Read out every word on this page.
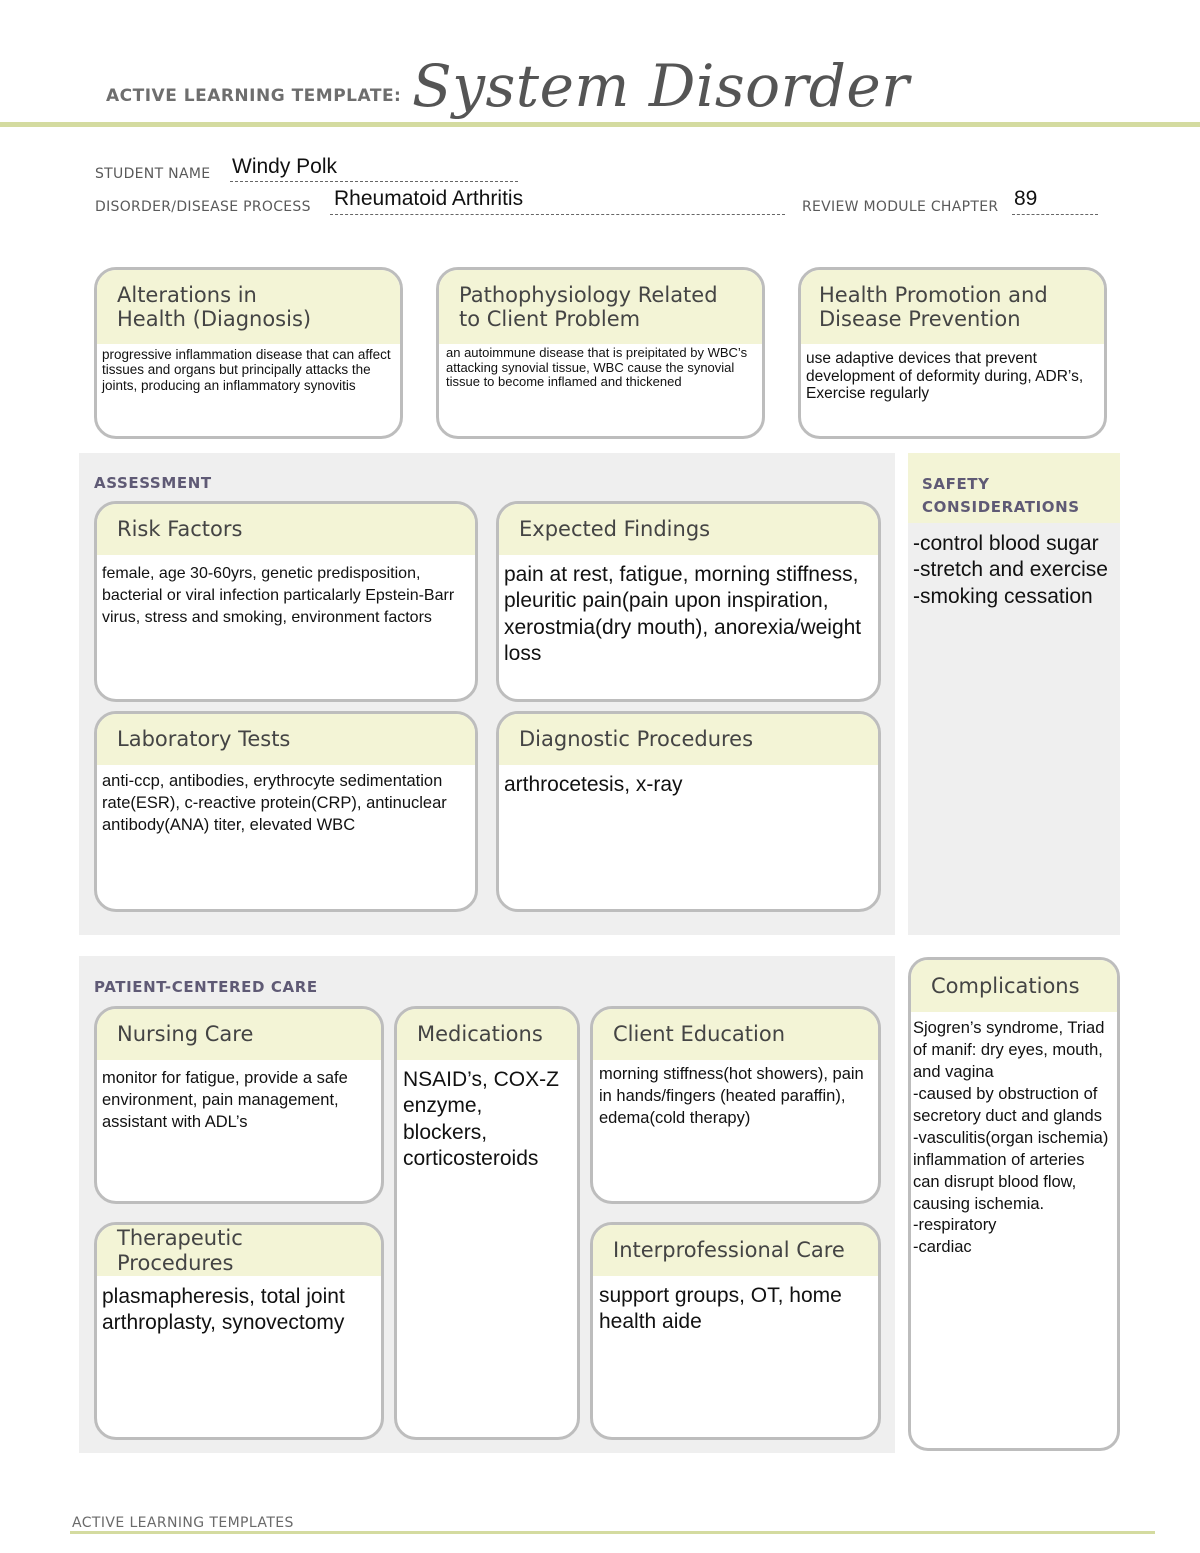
ACTIVE LEARNING TEMPLATE: System Disorder
STUDENT NAME Windy Polk
DISORDER/DISEASE PROCESS Rheumatoid Arthritis	REVIEW MODULE CHAPTER 89
Alterations in
Health (Diagnosis)
progressive inflammation disease that can affect tissues and organs but principally attacks the joints, producing an inflammatory synovitis
Pathophysiology Related
to Client Problem
an autoimmune disease that is preipitated by WBC’s attacking synovial tissue, WBC cause the synovial tissue to become inflamed and thickened
Health Promotion and
Disease Prevention
use adaptive devices that prevent development of deformity during, ADR’s, Exercise regularly
ASSESSMENT
Risk Factors
female, age 30-60yrs, genetic predisposition, bacterial or viral infection particalarly Epstein-Barr virus, stress and smoking, environment factors
Expected Findings
pain at rest, fatigue, morning stiffness, pleuritic pain(pain upon inspiration, xerostmia(dry mouth), anorexia/weight loss
Laboratory Tests
anti-ccp, antibodies, erythrocyte sedimentation rate(ESR), c-reactive protein(CRP), antinuclear antibody(ANA) titer, elevated WBC
Diagnostic Procedures
arthrocetesis, x-ray
SAFETY
CONSIDERATIONS
-control blood sugar
-stretch and exercise
-smoking cessation
PATIENT-CENTERED CARE
Nursing Care
monitor for fatigue, provide a safe environment, pain management, assistant with ADL’s
Medications
NSAID’s, COX-Z enzyme, blockers, corticosteroids
Client Education
morning stiffness(hot showers), pain in hands/fingers (heated paraffin), edema(cold therapy)
Therapeutic Procedures
plasmapheresis, total joint arthroplasty, synovectomy
Interprofessional Care
support groups, OT, home health aide
Complications
Sjogren’s syndrome, Triad of manif: dry eyes, mouth, and vagina
-caused by obstruction of secretory duct and glands
-vasculitis(organ ischemia)
inflammation of arteries can disrupt blood flow, causing ischemia.
-respiratory
-cardiac
ACTIVE LEARNING TEMPLATES
